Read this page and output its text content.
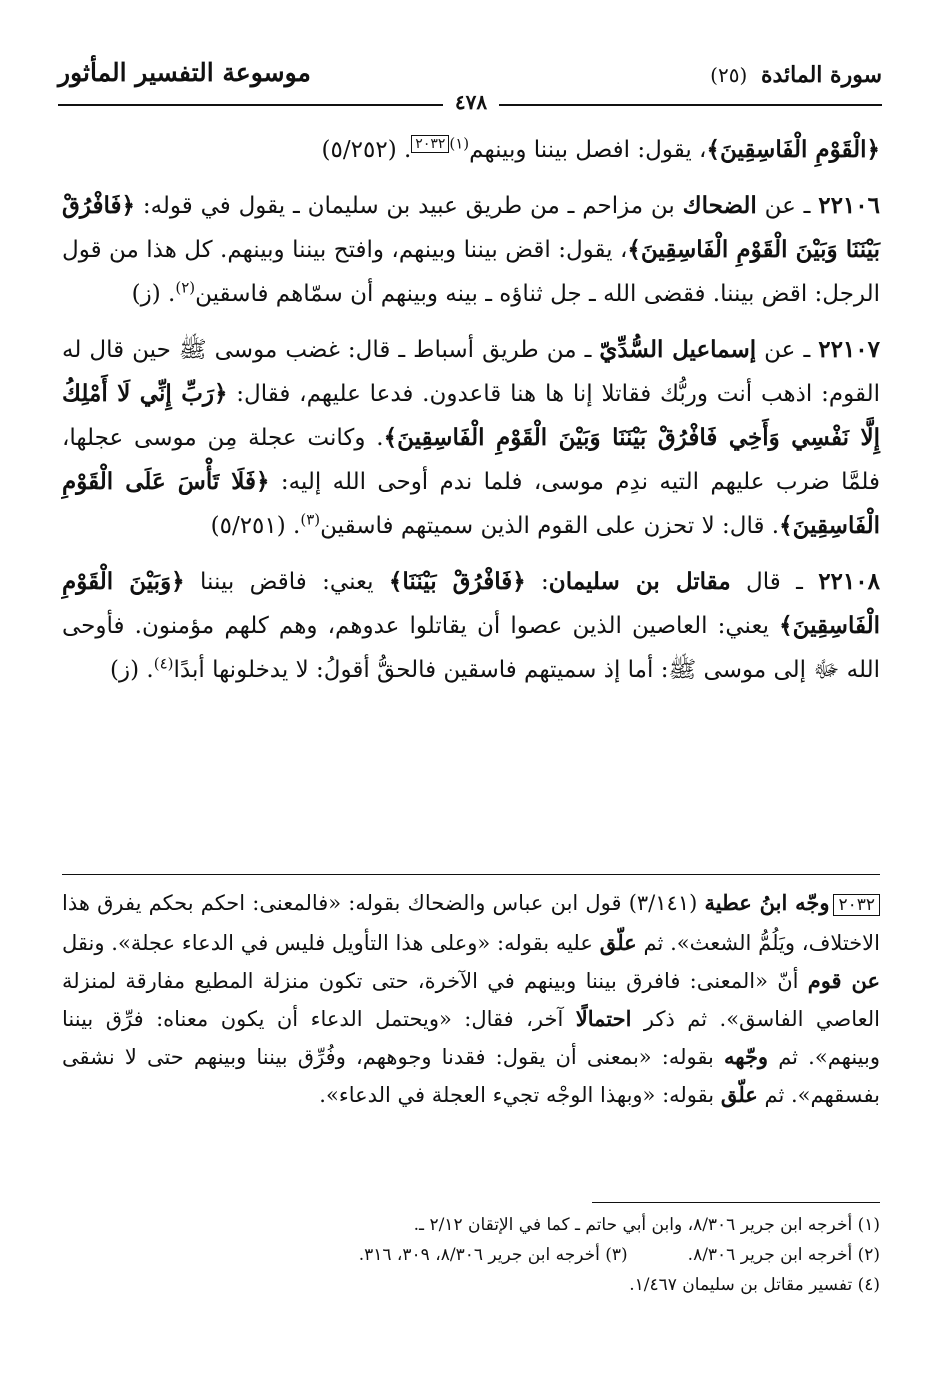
موسوعة التفسير المأثور	سورة المائدة (٢٥)
٤٧٨

﴿الْقَوْمِ الْفَاسِقِينَ﴾، يقول: افصل بيننا وبينهم$^{(١)٢٠٣٢}$. (٥/٢٥٢)

٢٢١٠٦ ـ عن الضحاك بن مزاحم ـ من طريق عبيد بن سليمان ـ يقول في قوله: ﴿فَافْرُقْ بَيْنَنَا وَبَيْنَ الْقَوْمِ الْفَاسِقِينَ﴾، يقول: اقض بيننا وبينهم، وافتح بيننا وبينهم. كل هذا من قول الرجل: اقض بيننا. فقضى الله ـ جل ثناؤه ـ بينه وبينهم أن سمّاهم فاسقين$^{(٢)}$. (ز)

٢٢١٠٧ ـ عن إسماعيل السُّدِّيّ ـ من طريق أسباط ـ قال: غضب موسى ﷺ حين قال له القوم: اذهب أنت وربُّك فقاتلا إنا ها هنا قاعدون. فدعا عليهم، فقال: ﴿رَبِّ إِنِّي لَا أَمْلِكُ إِلَّا نَفْسِي وَأَخِي فَافْرُقْ بَيْنَنَا وَبَيْنَ الْقَوْمِ الْفَاسِقِينَ﴾. وكانت عجلة مِن موسى عجلها، فلمَّا ضرب عليهم التيه ندِم موسى، فلما ندم أوحى الله إليه: ﴿فَلَا تَأْسَ عَلَى الْقَوْمِ الْفَاسِقِينَ﴾. قال: لا تحزن على القوم الذين سميتهم فاسقين$^{(٣)}$. (٥/٢٥١)

٢٢١٠٨ ـ قال مقاتل بن سليمان: ﴿فَافْرُقْ بَيْنَنَا﴾ يعني: فاقض بيننا ﴿وَبَيْنَ الْقَوْمِ الْفَاسِقِينَ﴾ يعني: العاصين الذين عصوا أن يقاتلوا عدوهم، وهم كلهم مؤمنون. فأوحى الله ﷻ إلى موسى ﷺ: أما إذ سميتهم فاسقين فالحقُّ أقولُ: لا يدخلونها أبدًا$^{(٤)}$. (ز)

٢٠٣٢وجّه ابنُ عطية (٣/١٤١) قول ابن عباس والضحاك بقوله: «فالمعنى: احكم بحكم يفرق هذا الاختلاف، ويَلُمُّ الشعث». ثم علّق عليه بقوله: «وعلى هذا التأويل فليس في الدعاء عجلة». ونقل عن قوم أنّ «المعنى: فافرق بيننا وبينهم في الآخرة، حتى تكون منزلة المطيع مفارقة لمنزلة العاصي الفاسق». ثم ذكر احتمالًا آخر، فقال: «ويحتمل الدعاء أن يكون معناه: فرِّق بيننا وبينهم». ثم وجّهه بقوله: «بمعنى أن يقول: فقدنا وجوههم، وفُرِّق بيننا وبينهم حتى لا نشقى بفسقهم». ثم علّق بقوله: «وبهذا الوجْه تجيء العجلة في الدعاء».
(١) أخرجه ابن جرير ٨/٣٠٦، وابن أبي حاتم ـ كما في الإتقان ٢/١٢ ـ.
(٢) أخرجه ابن جرير ٨/٣٠٦.
(٣) أخرجه ابن جرير ٨/٣٠٦، ٣٠٩، ٣١٦.
(٤) تفسير مقاتل بن سليمان ١/٤٦٧.
